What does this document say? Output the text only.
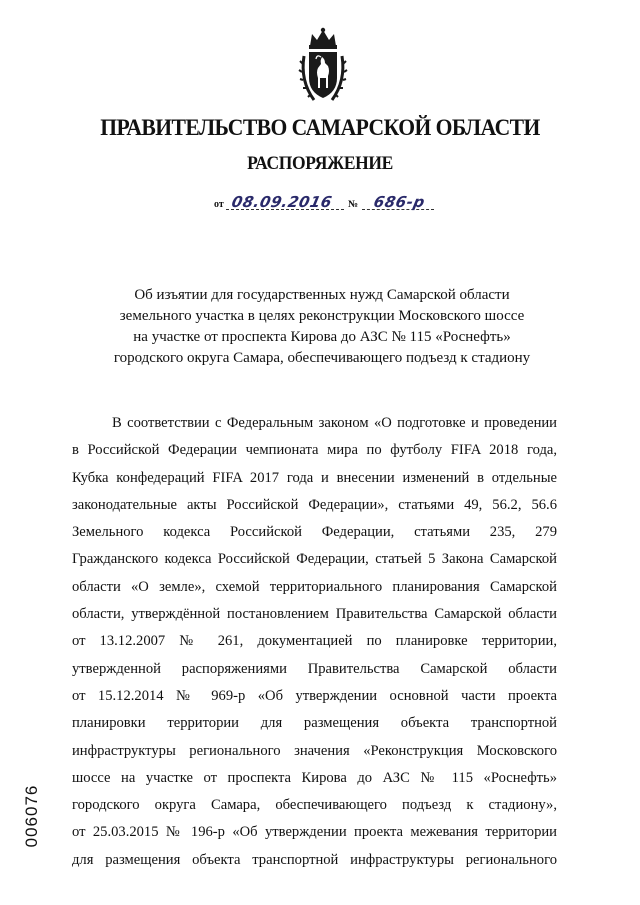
ПРАВИТЕЛЬСТВО САМАРСКОЙ ОБЛАСТИ
РАСПОРЯЖЕНИЕ
от 08.09.2016 № 686-р
Об изъятии для государственных нужд Самарской области
земельного участка в целях реконструкции Московского шоссе
на участке от проспекта Кирова до АЗС № 115 «Роснефть»
городского округа Самара, обеспечивающего подъезд к стадиону
В соответствии с Федеральным законом «О подготовке и проведении
в Российской Федерации чемпионата мира по футболу FIFA 2018 года,
Кубка конфедераций FIFA 2017 года и внесении изменений в отдельные
законодательные акты Российской Федерации», статьями 49, 56.2, 56.6
Земельного кодекса Российской Федерации, статьями 235, 279
Гражданского кодекса Российской Федерации, статьей 5 Закона Самарской
области «О земле», схемой территориального планирования Самарской
области, утверждённой постановлением Правительства Самарской области
от 13.12.2007 № 261, документацией по планировке территории,
утвержденной распоряжениями Правительства Самарской области
от 15.12.2014 № 969-р «Об утверждении основной части проекта
планировки территории для размещения объекта транспортной
инфраструктуры регионального значения «Реконструкция Московского
шоссе на участке от проспекта Кирова до АЗС № 115 «Роснефть»
городского округа Самара, обеспечивающего подъезд к стадиону»,
от 25.03.2015 № 196-р «Об утверждении проекта межевания территории
для размещения объекта транспортной инфраструктуры регионального
006076
